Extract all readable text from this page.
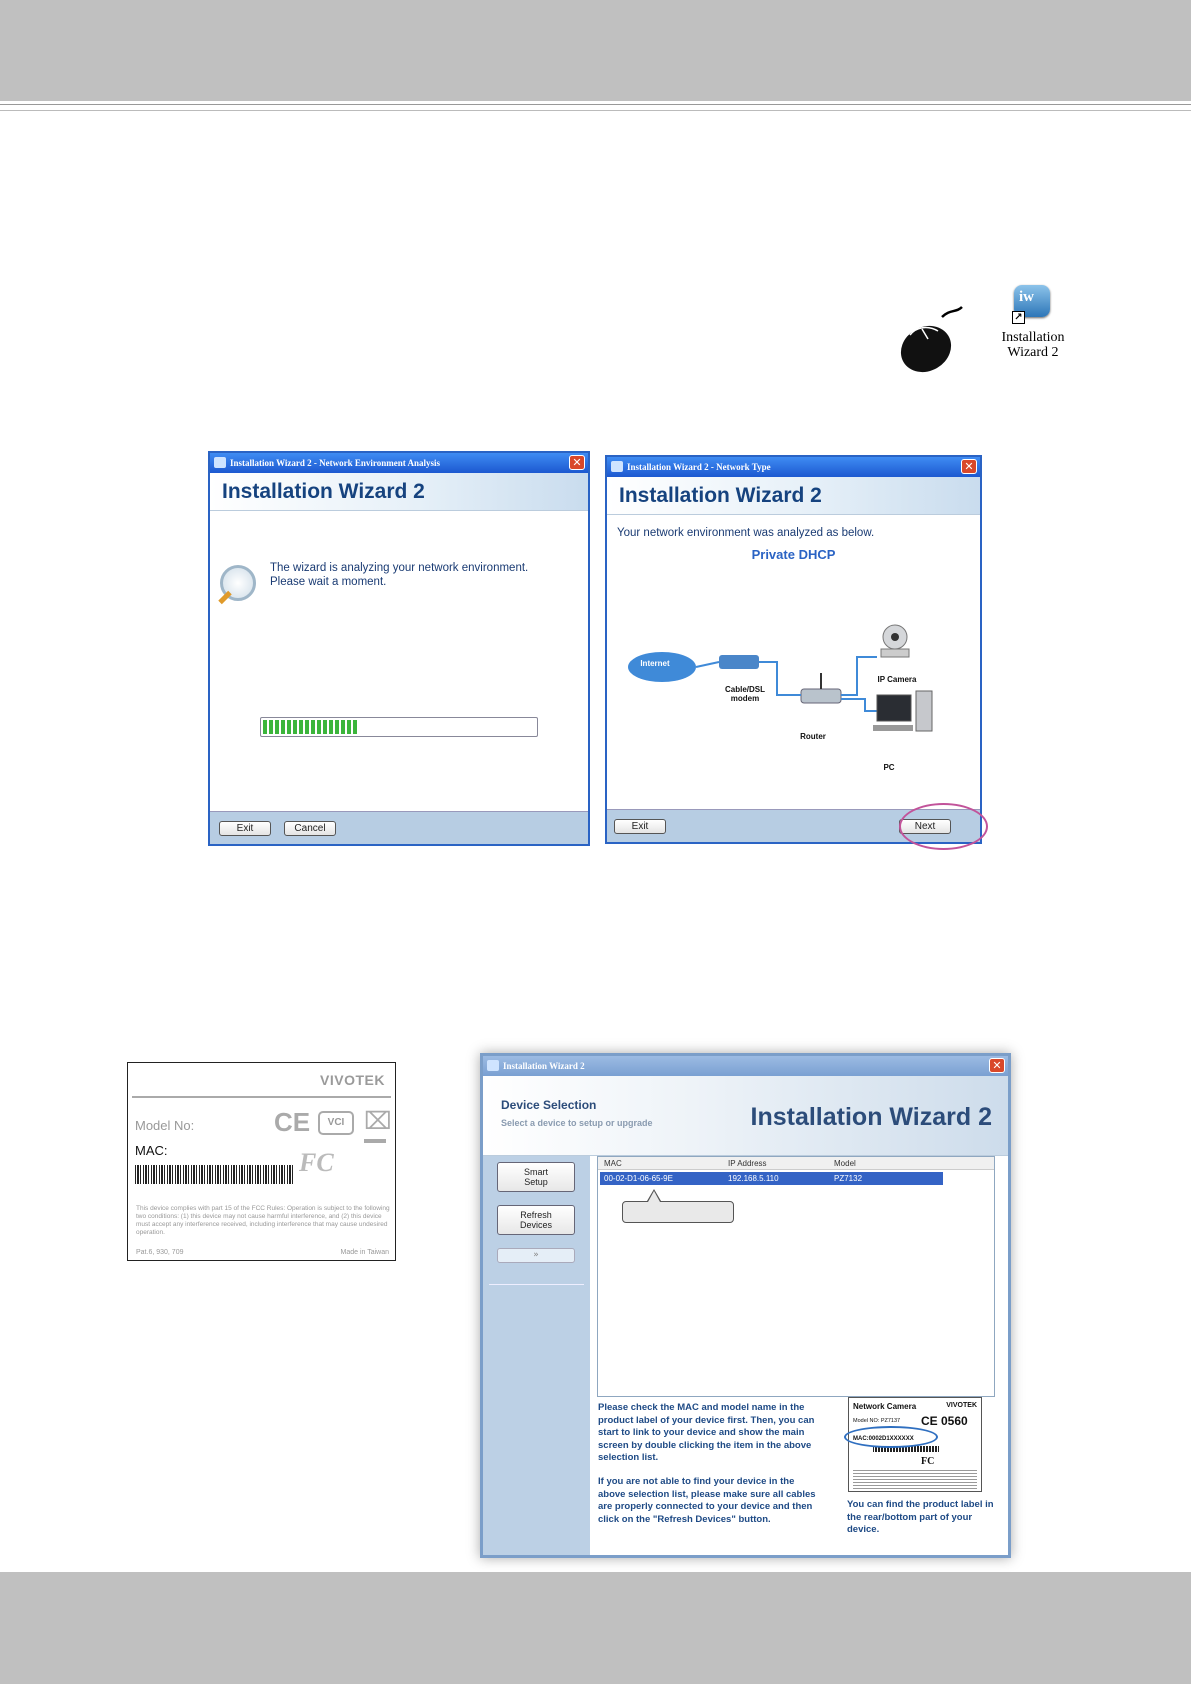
iw
↗
Installation
Wizard 2
Installation Wizard 2 - Network Environment Analysis	✕
Installation Wizard 2
The wizard is analyzing your network environment.
Please wait a moment.
Exit	Cancel
Installation Wizard 2 - Network Type	✕
Installation Wizard 2
Your network environment was analyzed as below.
Private DHCP
Internet
Cable/DSL
modem
Router
IP Camera
PC
Exit	Next
VIVOTEK
Model No:
MAC:
CE	VCI ⌧
FC
This device complies with part 15 of the FCC Rules: Operation is subject to the following two conditions: (1) this device may not cause harmful interference, and (2) this device must accept any interference received, including interference that may cause undesired operation.
Pat.6, 930, 709	Made in Taiwan
Installation Wizard 2	✕
Device Selection
Select a device to setup or upgrade	Installation Wizard 2
Smart
Setup
Refresh
Devices
»
MAC	IP Address	Model
00-02-D1-06-65-9E	192.168.5.110	PZ7132
Please check the MAC and model name in the product label of your device first. Then, you can start to link to your device and show the main screen by double clicking the item in the above selection list.
If you are not able to find your device in the above selection list, please make sure all cables are properly connected to your device and then click on the "Refresh Devices" button.
Network Camera	VIVOTEK
Model NO: PZ7137 CE 0560
MAC:0002D1XXXXXX
FC
You can find the product label in the rear/bottom part of your device.
